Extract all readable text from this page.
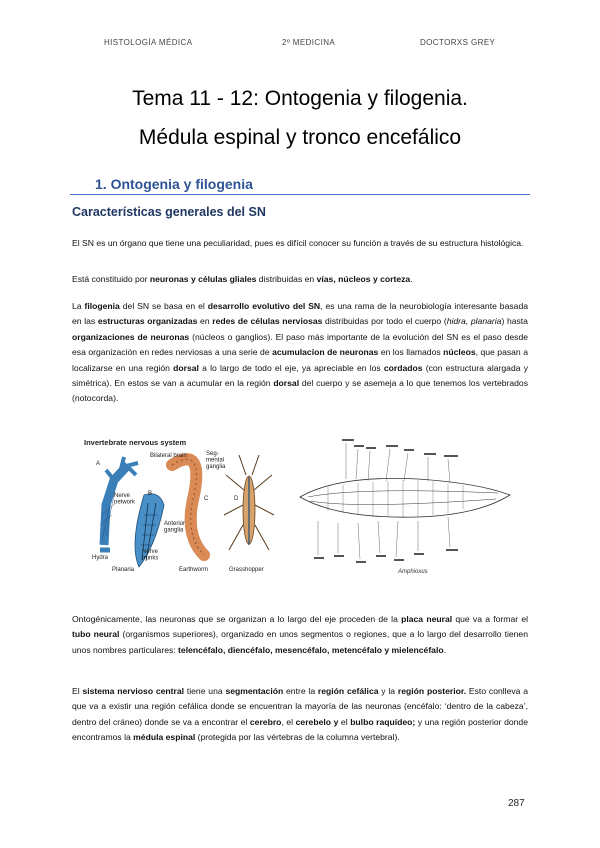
HISTOLOGÍA MÉDICA	2º MEDICINA	DOCTORXS GREY
Tema 11 - 12: Ontogenia y filogenia.
Médula espinal y tronco encefálico
1. Ontogenia y filogenia
Características generales del SN
El SN es un órgano que tiene una peculiaridad, pues es difícil conocer su función a través de su estructura histológica.
Está constituido por neuronas y células gliales distribuidas en vías, núcleos y corteza.
La filogenia del SN se basa en el desarrollo evolutivo del SN, es una rama de la neurobiología interesante basada en las estructuras organizadas en redes de células nerviosas distribuidas por todo el cuerpo (hidra, planaria) hasta organizaciones de neuronas (núcleos o ganglios). El paso más importante de la evolución del SN es el paso desde esa organización en redes nerviosas a una serie de acumulacion de neuronas en los llamados núcleos, que pasan a localizarse en una región dorsal a lo largo de todo el eje, ya apreciable en los cordados (con estructura alargada y simétrica). En estos se van a acumular en la región dorsal del cuerpo y se asemeja a lo que tenemos los vertebrados (notocorda).
Invertebrate nervous system
A
B
C	D
Bilateral brain	Seg-mental ganglia
Nerve network
Anterior ganglia
Nerve trunks
Hydra
Planaria	Earthworm	Grasshopper	Amphioxus
Ontogénicamente, las neuronas que se organizan a lo largo del eje proceden de la placa neural que va a formar el tubo neural (organismos superiores), organizado en unos segmentos o regiones, que a lo largo del desarrollo tienen unos nombres particulares: telencéfalo, diencéfalo, mesencéfalo, metencéfalo y mielencéfalo.
El sistema nervioso central tiene una segmentación entre la región cefálica y la región posterior. Esto conlleva a que va a existir una región cefálica donde se encuentran la mayoría de las neuronas (encéfalo: ‘dentro de la cabeza’, dentro del cráneo) donde se va a encontrar el cerebro, el cerebelo y el bulbo raquídeo; y una región posterior donde encontramos la médula espinal (protegida por las vértebras de la columna vertebral).
287
